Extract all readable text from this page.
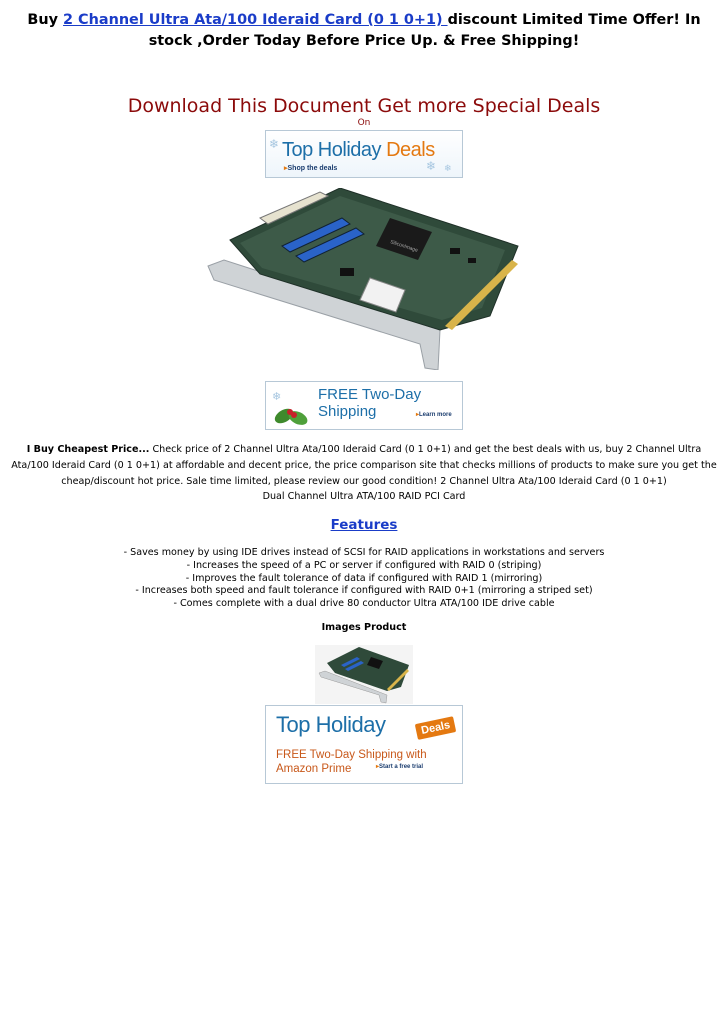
Buy 2 Channel Ultra Ata/100 Ideraid Card (0 1 0+1) discount Limited Time Offer! In
stock ,Order Today Before Price Up. & Free Shipping!
Download This Document Get more Special Deals
On
❄
❄ ❄
Top Holiday Deals
▸Shop the deals
SiliconImage
❄ FREE Two-Day
Shipping	▸Learn more
I Buy Cheapest Price... Check price of 2 Channel Ultra Ata/100 Ideraid Card (0 1 0+1) and get the best deals with us, buy 2 Channel Ultra Ata/100 Ideraid Card (0 1 0+1) at affordable and decent price, the price comparison site that checks millions of products to make sure you get the cheap/discount hot price. Sale time limited, please review our good condition! 2 Channel Ultra Ata/100 Ideraid Card (0 1 0+1)
Dual Channel Ultra ATA/100 RAID PCI Card
Features
- Saves money by using IDE drives instead of SCSI for RAID applications in workstations and servers
- Increases the speed of a PC or server if configured with RAID 0 (striping)
- Improves the fault tolerance of data if configured with RAID 1 (mirroring)
- Increases both speed and fault tolerance if configured with RAID 0+1 (mirroring a striped set)
- Comes complete with a dual drive 80 conductor Ultra ATA/100 IDE drive cable
Images Product
Top Holiday	Deals
FREE Two-Day Shipping with
Amazon Prime	▸Start a free trial
